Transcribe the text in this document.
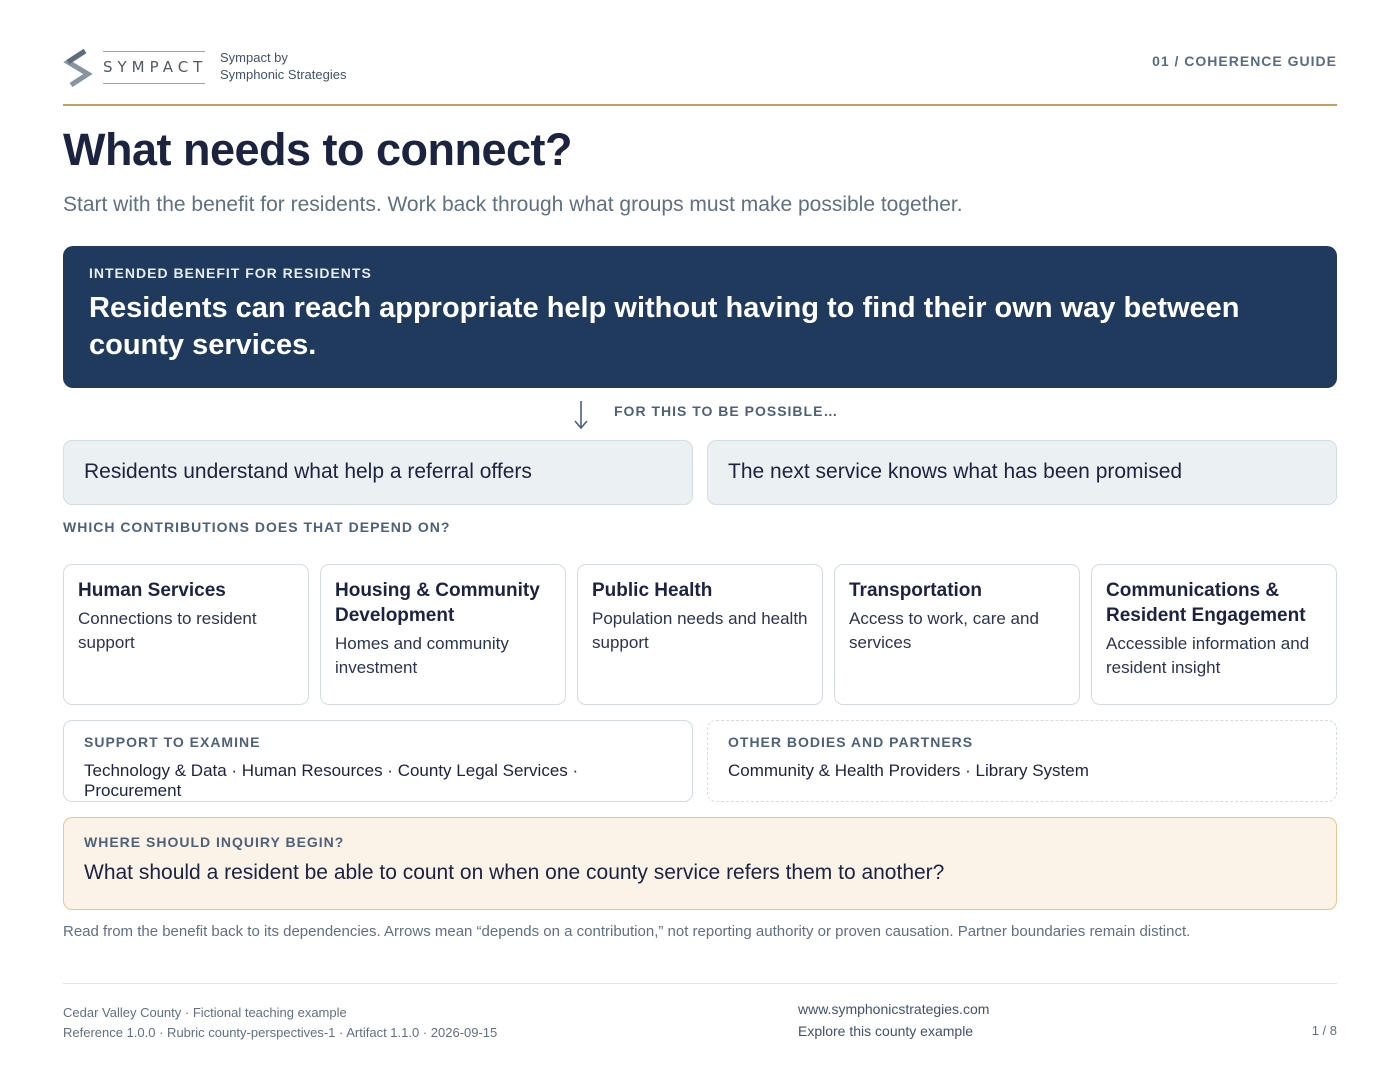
SYMPACT
Sympact by
Symphonic Strategies
01 / COHERENCE GUIDE
What needs to connect?
Start with the benefit for residents. Work back through what groups must make possible together.
INTENDED BENEFIT FOR RESIDENTS
Residents can reach appropriate help without having to find their own way between county services.
FOR THIS TO BE POSSIBLE…
Residents understand what help a referral offers	The next service knows what has been promised
WHICH CONTRIBUTIONS DOES THAT DEPEND ON?
Human Services
Connections to resident support
Housing & Community Development
Homes and community investment
Public Health
Population needs and health support
Transportation
Access to work, care and services
Communications & Resident Engagement
Accessible information and resident insight
SUPPORT TO EXAMINE
Technology & Data · Human Resources · County Legal Services · Procurement
OTHER BODIES AND PARTNERS
Community & Health Providers · Library System
WHERE SHOULD INQUIRY BEGIN?
What should a resident be able to count on when one county service refers them to another?
Read from the benefit back to its dependencies. Arrows mean “depends on a contribution,” not reporting authority or proven causation. Partner boundaries remain distinct.
Cedar Valley County · Fictional teaching example
Reference 1.0.0 · Rubric county-perspectives-1 · Artifact 1.1.0 · 2026-09-15
www.symphonicstrategies.com
Explore this county example	1 / 8
